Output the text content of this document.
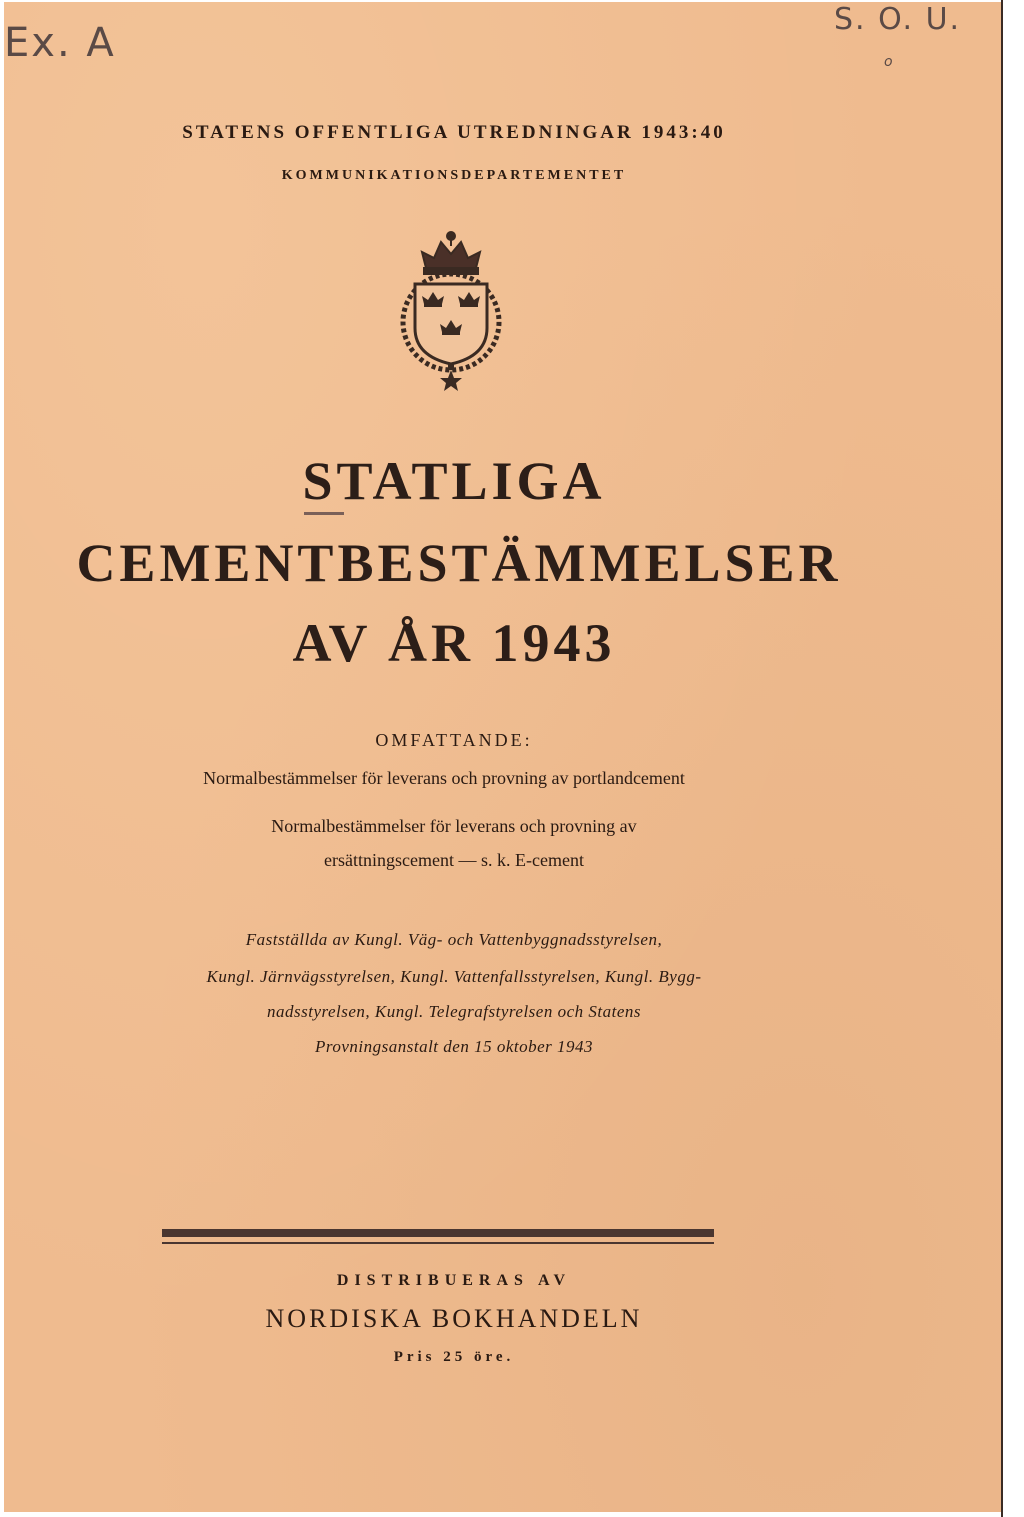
Ex. A
S. O. U.
o
STATENS OFFENTLIGA UTREDNINGAR 1943:40
KOMMUNIKATIONSDEPARTEMENTET
STATLIGA
CEMENTBESTÄMMELSER
AV ÅR 1943
OMFATTANDE:
Normalbestämmelser för leverans och provning av portlandcement
Normalbestämmelser för leverans och provning av
ersättningscement — s. k. E-cement
Fastställda av Kungl. Väg- och Vattenbyggnadsstyrelsen,
Kungl. Järnvägsstyrelsen, Kungl. Vattenfallsstyrelsen, Kungl. Bygg-
nadsstyrelsen, Kungl. Telegrafstyrelsen och Statens
Provningsanstalt den 15 oktober 1943
DISTRIBUERAS AV
NORDISKA BOKHANDELN
Pris 25 öre.
